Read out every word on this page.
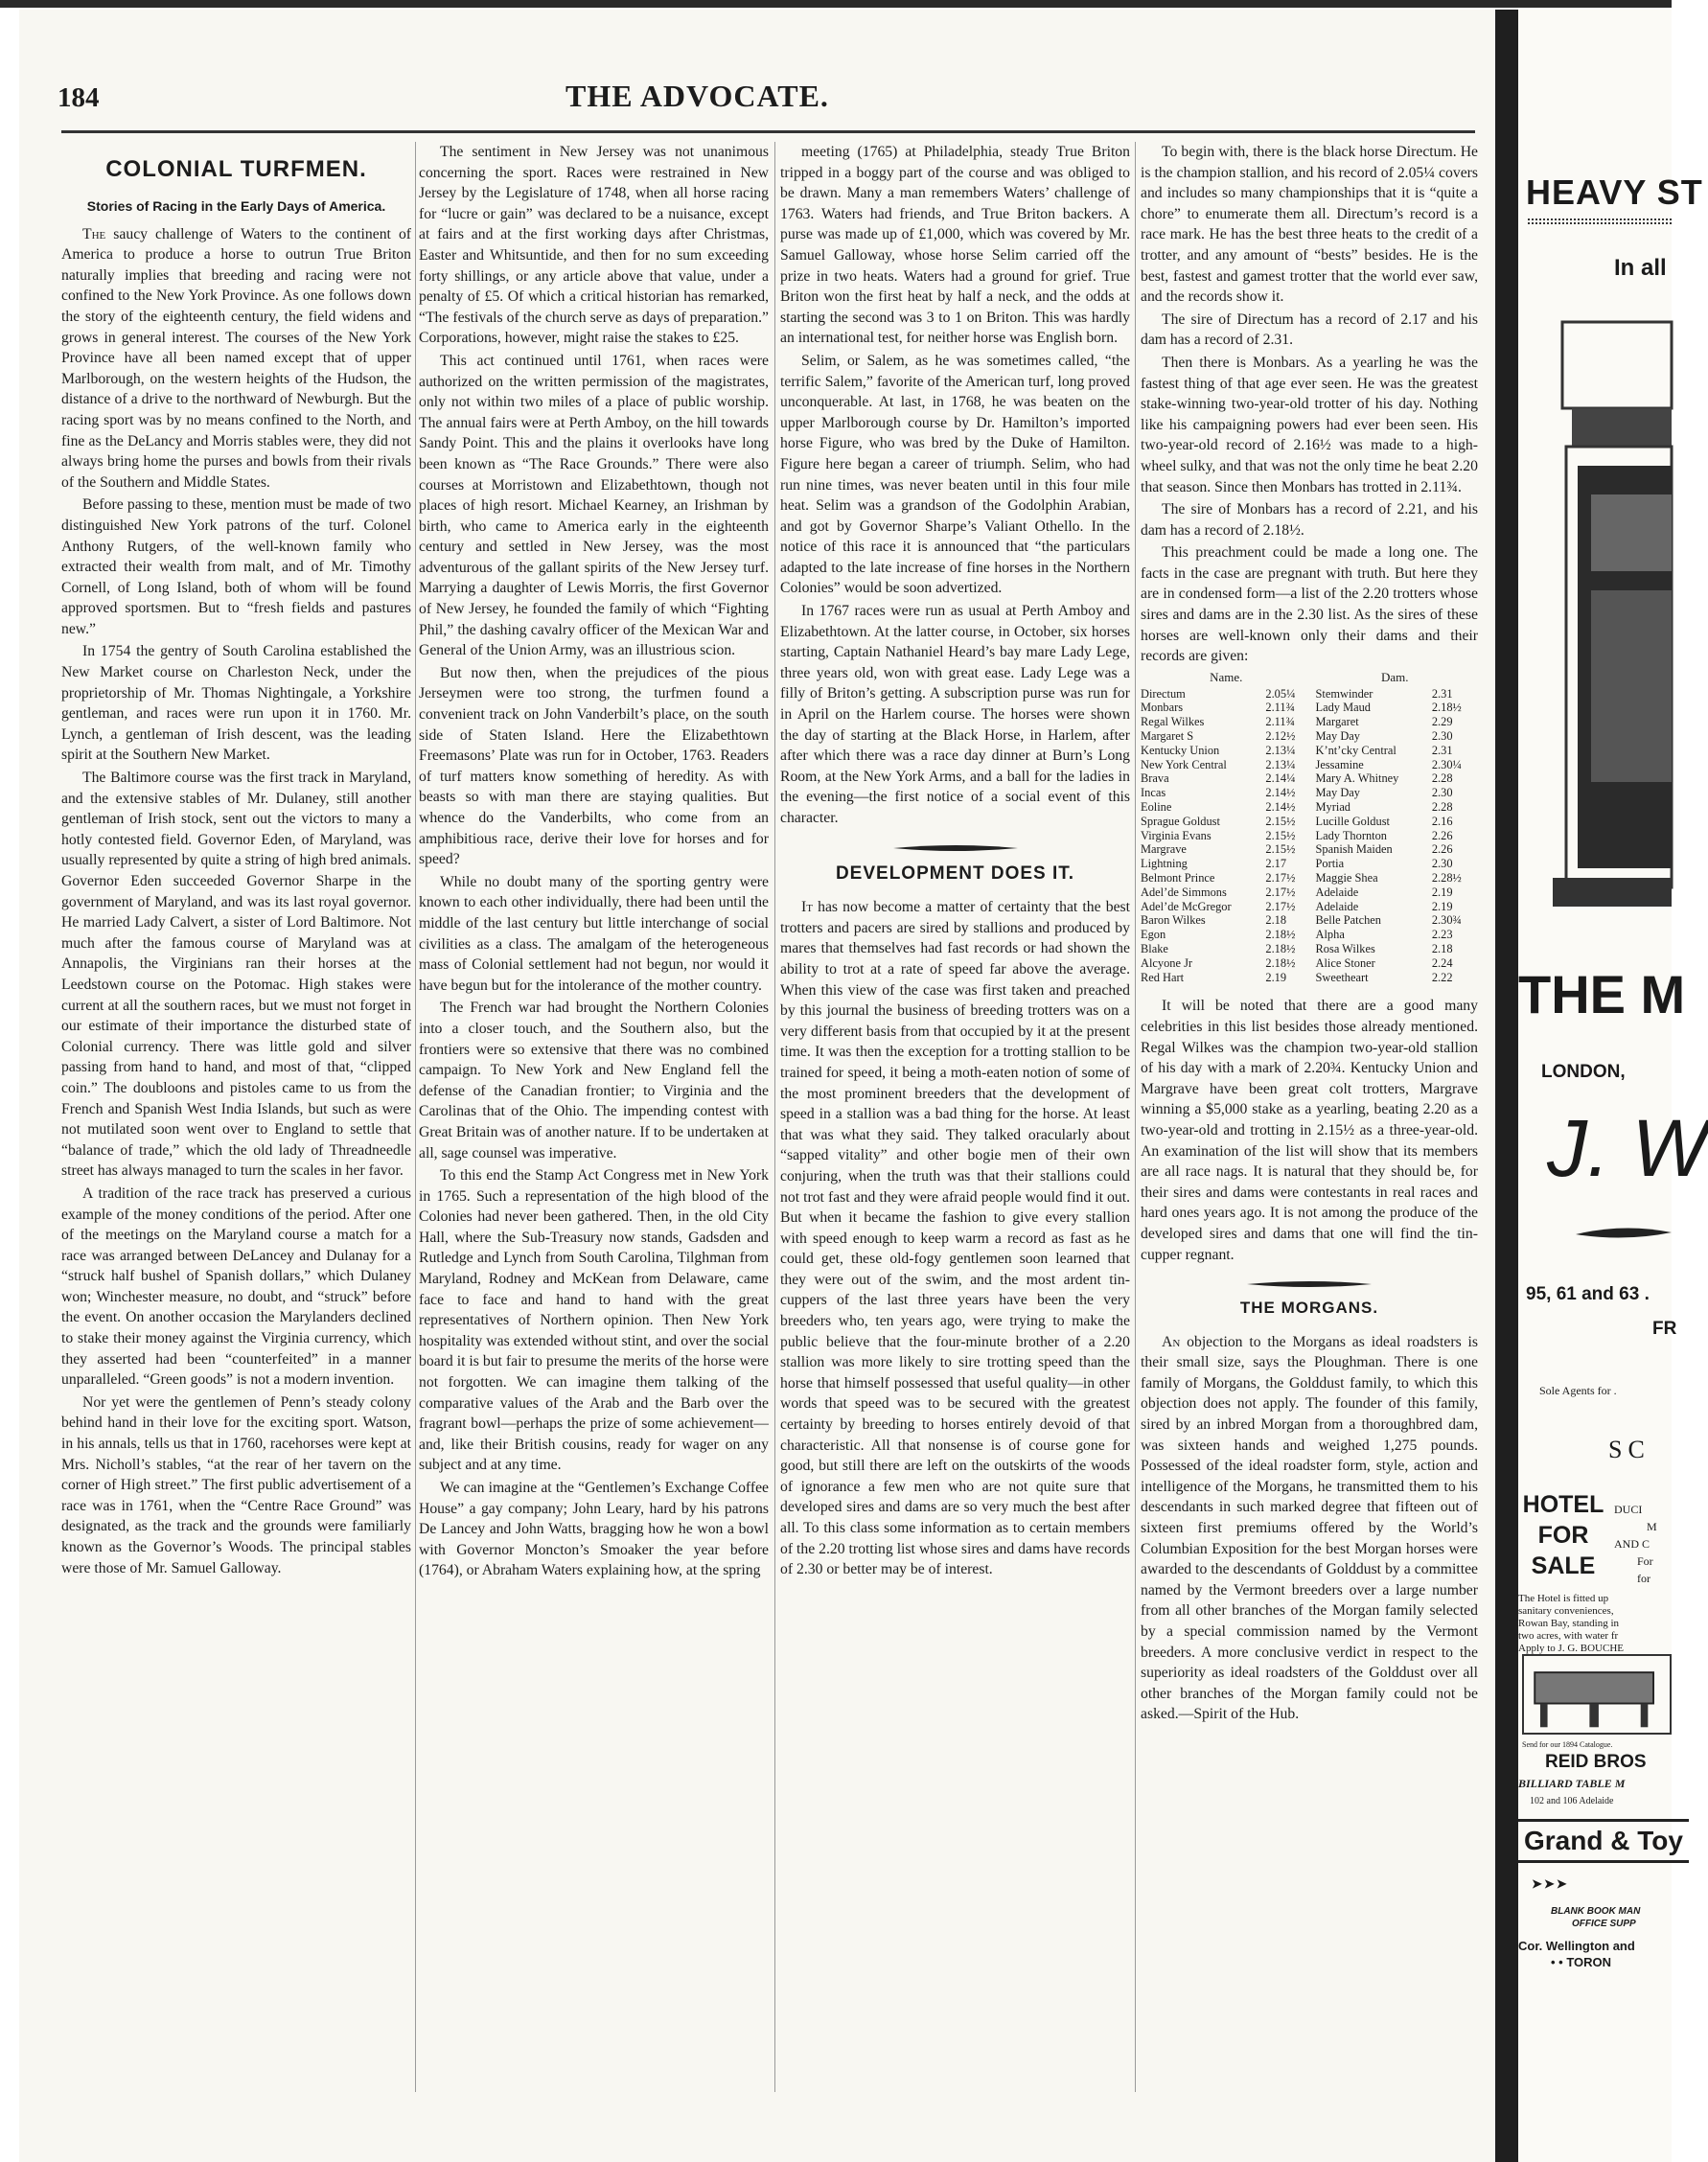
184	THE ADVOCATE.
COLONIAL TURFMEN.
Stories of Racing in the Early Days of America.

The saucy challenge of Waters to the continent of America to produce a horse to outrun True Briton naturally implies that breeding and racing were not confined to the New York Province. As one follows down the story of the eighteenth century, the field widens and grows in general interest. The courses of the New York Province have all been named except that of upper Marlborough, on the western heights of the Hudson, the distance of a drive to the northward of Newburgh. But the racing sport was by no means confined to the North, and fine as the DeLancy and Morris stables were, they did not always bring home the purses and bowls from their rivals of the Southern and Middle States.

Before passing to these, mention must be made of two distinguished New York patrons of the turf. Colonel Anthony Rutgers, of the well-known family who extracted their wealth from malt, and of Mr. Timothy Cornell, of Long Island, both of whom will be found approved sportsmen. But to “fresh fields and pastures new.”

In 1754 the gentry of South Carolina established the New Market course on Charleston Neck, under the proprietorship of Mr. Thomas Nightingale, a Yorkshire gentleman, and races were run upon it in 1760. Mr. Lynch, a gentleman of Irish descent, was the leading spirit at the Southern New Market.

The Baltimore course was the first track in Maryland, and the extensive stables of Mr. Dulaney, still another gentleman of Irish stock, sent out the victors to many a hotly contested field. Governor Eden, of Maryland, was usually represented by quite a string of high bred animals. Governor Eden succeeded Governor Sharpe in the government of Maryland, and was its last royal governor. He married Lady Calvert, a sister of Lord Baltimore. Not much after the famous course of Maryland was at Annapolis, the Virginians ran their horses at the Leedstown course on the Potomac. High stakes were current at all the southern races, but we must not forget in our estimate of their importance the disturbed state of Colonial currency. There was little gold and silver passing from hand to hand, and most of that, “clipped coin.” The doubloons and pistoles came to us from the French and Spanish West India Islands, but such as were not mutilated soon went over to England to settle that “balance of trade,” which the old lady of Threadneedle street has always managed to turn the scales in her favor.

A tradition of the race track has preserved a curious example of the money conditions of the period. After one of the meetings on the Maryland course a match for a race was arranged between DeLancey and Dulanay for a “struck half bushel of Spanish dollars,” which Dulaney won; Winchester measure, no doubt, and “struck” before the event. On another occasion the Marylanders declined to stake their money against the Virginia currency, which they asserted had been “counterfeited” in a manner unparalleled. “Green goods” is not a modern invention.

Nor yet were the gentlemen of Penn’s steady colony behind hand in their love for the exciting sport. Watson, in his annals, tells us that in 1760, racehorses were kept at Mrs. Nicholl’s stables, “at the rear of her tavern on the corner of High street.” The first public advertisement of a race was in 1761, when the “Centre Race Ground” was designated, as the track and the grounds were familiarly known as the Governor’s Woods. The principal stables were those of Mr. Samuel Galloway.

The sentiment in New Jersey was not unanimous concerning the sport. Races were restrained in New Jersey by the Legislature of 1748, when all horse racing for “lucre or gain” was declared to be a nuisance, except at fairs and at the first working days after Christmas, Easter and Whitsuntide, and then for no sum exceeding forty shillings, or any article above that value, under a penalty of £5. Of which a critical historian has remarked, “The festivals of the church serve as days of preparation.” Corporations, however, might raise the stakes to £25.

This act continued until 1761, when races were authorized on the written permission of the magistrates, only not within two miles of a place of public worship. The annual fairs were at Perth Amboy, on the hill towards Sandy Point. This and the plains it overlooks have long been known as “The Race Grounds.” There were also courses at Morristown and Elizabethtown, though not places of high resort. Michael Kearney, an Irishman by birth, who came to America early in the eighteenth century and settled in New Jersey, was the most adventurous of the gallant spirits of the New Jersey turf. Marrying a daughter of Lewis Morris, the first Governor of New Jersey, he founded the family of which “Fighting Phil,” the dashing cavalry officer of the Mexican War and General of the Union Army, was an illustrious scion.

But now then, when the prejudices of the pious Jerseymen were too strong, the turfmen found a convenient track on John Vanderbilt’s place, on the south side of Staten Island. Here the Elizabethtown Freemasons’ Plate was run for in October, 1763. Readers of turf matters know something of heredity. As with beasts so with man there are staying qualities. But whence do the Vanderbilts, who come from an amphibitious race, derive their love for horses and for speed?

While no doubt many of the sporting gentry were known to each other individually, there had been until the middle of the last century but little interchange of social civilities as a class. The amalgam of the heterogeneous mass of Colonial settlement had not begun, nor would it have begun but for the intolerance of the mother country.

The French war had brought the Northern Colonies into a closer touch, and the Southern also, but the frontiers were so extensive that there was no combined campaign. To New York and New England fell the defense of the Canadian frontier; to Virginia and the Carolinas that of the Ohio. The impending contest with Great Britain was of another nature. If to be undertaken at all, sage counsel was imperative.

To this end the Stamp Act Congress met in New York in 1765. Such a representation of the high blood of the Colonies had never been gathered. Then, in the old City Hall, where the Sub-Treasury now stands, Gadsden and Rutledge and Lynch from South Carolina, Tilghman from Maryland, Rodney and McKean from Delaware, came face to face and hand to hand with the great representatives of Northern opinion. Then New York hospitality was extended without stint, and over the social board it is but fair to presume the merits of the horse were not forgotten. We can imagine them talking of the comparative values of the Arab and the Barb over the fragrant bowl—perhaps the prize of some achievement—and, like their British cousins, ready for wager on any subject and at any time.

We can imagine at the “Gentlemen’s Exchange Coffee House” a gay company; John Leary, hard by his patrons De Lancey and John Watts, bragging how he won a bowl with Governor Moncton’s Smoaker the year before (1764), or Abraham Waters explaining how, at the spring

meeting (1765) at Philadelphia, steady True Briton tripped in a boggy part of the course and was obliged to be drawn. Many a man remembers Waters’ challenge of 1763. Waters had friends, and True Briton backers. A purse was made up of £1,000, which was covered by Mr. Samuel Galloway, whose horse Selim carried off the prize in two heats. Waters had a ground for grief. True Briton won the first heat by half a neck, and the odds at starting the second was 3 to 1 on Briton. This was hardly an international test, for neither horse was English born.

Selim, or Salem, as he was sometimes called, “the terrific Salem,” favorite of the American turf, long proved unconquerable. At last, in 1768, he was beaten on the upper Marlborough course by Dr. Hamilton’s imported horse Figure, who was bred by the Duke of Hamilton. Figure here began a career of triumph. Selim, who had run nine times, was never beaten until in this four mile heat. Selim was a grandson of the Godolphin Arabian, and got by Governor Sharpe’s Valiant Othello. In the notice of this race it is announced that “the particulars adapted to the late increase of fine horses in the Northern Colonies” would be soon advertized.

In 1767 races were run as usual at Perth Amboy and Elizabethtown. At the latter course, in October, six horses starting, Captain Nathaniel Heard’s bay mare Lady Lege, three years old, won with great ease. Lady Lege was a filly of Briton’s getting. A subscription purse was run for in April on the Harlem course. The horses were shown the day of starting at the Black Horse, in Harlem, after after which there was a race day dinner at Burn’s Long Room, at the New York Arms, and a ball for the ladies in the evening—the first notice of a social event of this character.

DEVELOPMENT DOES IT.

It has now become a matter of certainty that the best trotters and pacers are sired by stallions and produced by mares that themselves had fast records or had shown the ability to trot at a rate of speed far above the average. When this view of the case was first taken and preached by this journal the business of breeding trotters was on a very different basis from that occupied by it at the present time. It was then the exception for a trotting stallion to be trained for speed, it being a moth-eaten notion of some of the most prominent breeders that the development of speed in a stallion was a bad thing for the horse. At least that was what they said. They talked oracularly about “sapped vitality” and other bogie men of their own conjuring, when the truth was that their stallions could not trot fast and they were afraid people would find it out. But when it became the fashion to give every stallion with speed enough to keep warm a record as fast as he could get, these old-fogy gentlemen soon learned that they were out of the swim, and the most ardent tin-cuppers of the last three years have been the very breeders who, ten years ago, were trying to make the public believe that the four-minute brother of a 2.20 stallion was more likely to sire trotting speed than the horse that himself possessed that useful quality—in other words that speed was to be secured with the greatest certainty by breeding to horses entirely devoid of that characteristic. All that nonsense is of course gone for good, but still there are left on the outskirts of the woods of ignorance a few men who are not quite sure that developed sires and dams are so very much the best after all. To this class some information as to certain members of the 2.20 trotting list whose sires and dams have records of 2.30 or better may be of interest.

To begin with, there is the black horse Directum. He is the champion stallion, and his record of 2.05¼ covers and includes so many championships that it is “quite a chore” to enumerate them all. Directum’s record is a race mark. He has the best three heats to the credit of a trotter, and any amount of “bests” besides. He is the best, fastest and gamest trotter that the world ever saw, and the records show it.

The sire of Directum has a record of 2.17 and his dam has a record of 2.31.

Then there is Monbars. As a yearling he was the fastest thing of that age ever seen. He was the greatest stake-winning two-year-old trotter of his day. Nothing like his campaigning powers had ever been seen. His two-year-old record of 2.16½ was made to a high-wheel sulky, and that was not the only time he beat 2.20 that season. Since then Monbars has trotted in 2.11¾.

The sire of Monbars has a record of 2.21, and his dam has a record of 2.18½.

This preachment could be made a long one. The facts in the case are pregnant with truth. But here they are in condensed form—a list of the 2.20 trotters whose sires and dams are in the 2.30 list. As the sires of these horses are well-known only their dams and their records are given:

Name.		Dam.	
Directum	2.05¼	Stemwinder	2.31
Monbars	2.11¾	Lady Maud	2.18½
Regal Wilkes	2.11¾	Margaret	2.29
Margaret S	2.12½	May Day	2.30
Kentucky Union	2.13¼	K’nt’cky Central	2.31
New York Central	2.13¼	Jessamine	2.30¼
Brava	2.14¼	Mary A. Whitney	2.28
Incas	2.14½	May Day	2.30
Eoline	2.14½	Myriad	2.28
Sprague Goldust	2.15½	Lucille Goldust	2.16
Virginia Evans	2.15½	Lady Thornton	2.26
Margrave	2.15½	Spanish Maiden	2.26
Lightning	2.17	Portia	2.30
Belmont Prince	2.17½	Maggie Shea	2.28½
Adel’de Simmons	2.17½	Adelaide	2.19
Adel’de McGregor	2.17½	Adelaide	2.19
Baron Wilkes	2.18	Belle Patchen	2.30¾
Egon	2.18½	Alpha	2.23
Blake	2.18½	Rosa Wilkes	2.18
Alcyone Jr	2.18½	Alice Stoner	2.24
Red Hart	2.19	Sweetheart	2.22

It will be noted that there are a good many celebrities in this list besides those already mentioned. Regal Wilkes was the champion two-year-old stallion of his day with a mark of 2.20¾. Kentucky Union and Margrave have been great colt trotters, Margrave winning a $5,000 stake as a yearling, beating 2.20 as a two-year-old and trotting in 2.15½ as a three-year-old. An examination of the list will show that its members are all race nags. It is natural that they should be, for their sires and dams were contestants in real races and hard ones years ago. It is not among the produce of the developed sires and dams that one will find the tin-cupper regnant.

THE MORGANS.

An objection to the Morgans as ideal roadsters is their small size, says the Ploughman. There is one family of Morgans, the Golddust family, to which this objection does not apply. The founder of this family, sired by an inbred Morgan from a thoroughbred dam, was sixteen hands and weighed 1,275 pounds. Possessed of the ideal roadster form, style, action and intelligence of the Morgans, he transmitted them to his descendants in such marked degree that fifteen out of sixteen first premiums offered by the World’s Columbian Exposition for the best Morgan horses were awarded to the descendants of Golddust by a committee named by the Vermont breeders over a large number from all other branches of the Morgan family selected by a special commission named by the Vermont breeders. A more conclusive verdict in respect to the superiority as ideal roadsters of the Golddust over all other branches of the Morgan family could not be asked.—Spirit of the Hub.

HEAVY ST
In all
THE M
LONDON,
J. W
95, 61 and 63 .
FR
Sole Agents for .
SC
HOTEL
FOR
SALE
DUCI
M
AND C
For
for
The Hotel is fitted up
sanitary conveniences,
Rowan Bay, standing in
two acres, with water fr
Apply to J. G. BOUCHE
Send for our 1894 Catalogue.
REID BROS
BILLIARD TABLE M
102 and 106 Adelaide
Grand & Toy
➤➤➤
BLANK BOOK MAN
OFFICE SUPP
Cor. Wellington and
• • TORON
